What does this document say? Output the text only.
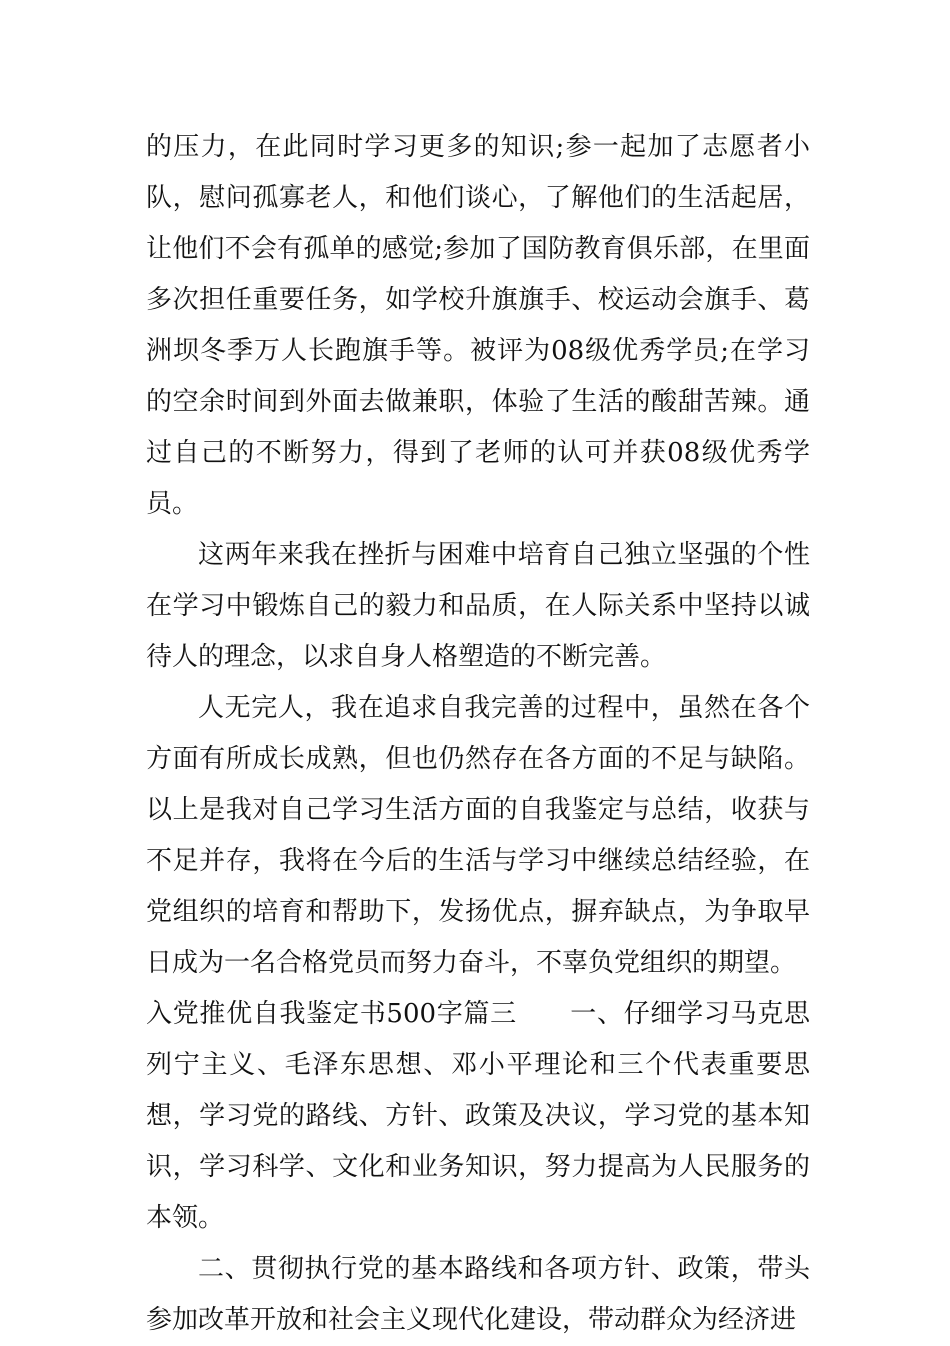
的压力，在此同时学习更多的知识;参一起加了志愿者小队，慰问孤寡老人，和他们谈心，了解他们的生活起居，让他们不会有孤单的感觉;参加了国防教育俱乐部，在里面多次担任重要任务，如学校升旗旗手、校运动会旗手、葛洲坝冬季万人长跑旗手等。被评为08级优秀学员;在学习的空余时间到外面去做兼职，体验了生活的酸甜苦辣。通过自己的不断努力，得到了老师的认可并获08级优秀学员。

这两年来我在挫折与困难中培育自己独立坚强的个性在学习中锻炼自己的毅力和品质，在人际关系中坚持以诚待人的理念，以求自身人格塑造的不断完善。

人无完人，我在追求自我完善的过程中，虽然在各个方面有所成长成熟，但也仍然存在各方面的不足与缺陷。以上是我对自己学习生活方面的自我鉴定与总结，收获与不足并存，我将在今后的生活与学习中继续总结经验，在党组织的培育和帮助下，发扬优点，摒弃缺点，为争取早日成为一名合格党员而努力奋斗，不辜负党组织的期望。

入党推优自我鉴定书500字篇三　　一、仔细学习马克思列宁主义、毛泽东思想、邓小平理论和三个代表重要思想，学习党的路线、方针、政策及决议，学习党的基本知识，学习科学、文化和业务知识，努力提高为人民服务的本领。

二、贯彻执行党的基本路线和各项方针、政策，带头参加改革开放和社会主义现代化建设，带动群众为经济进
